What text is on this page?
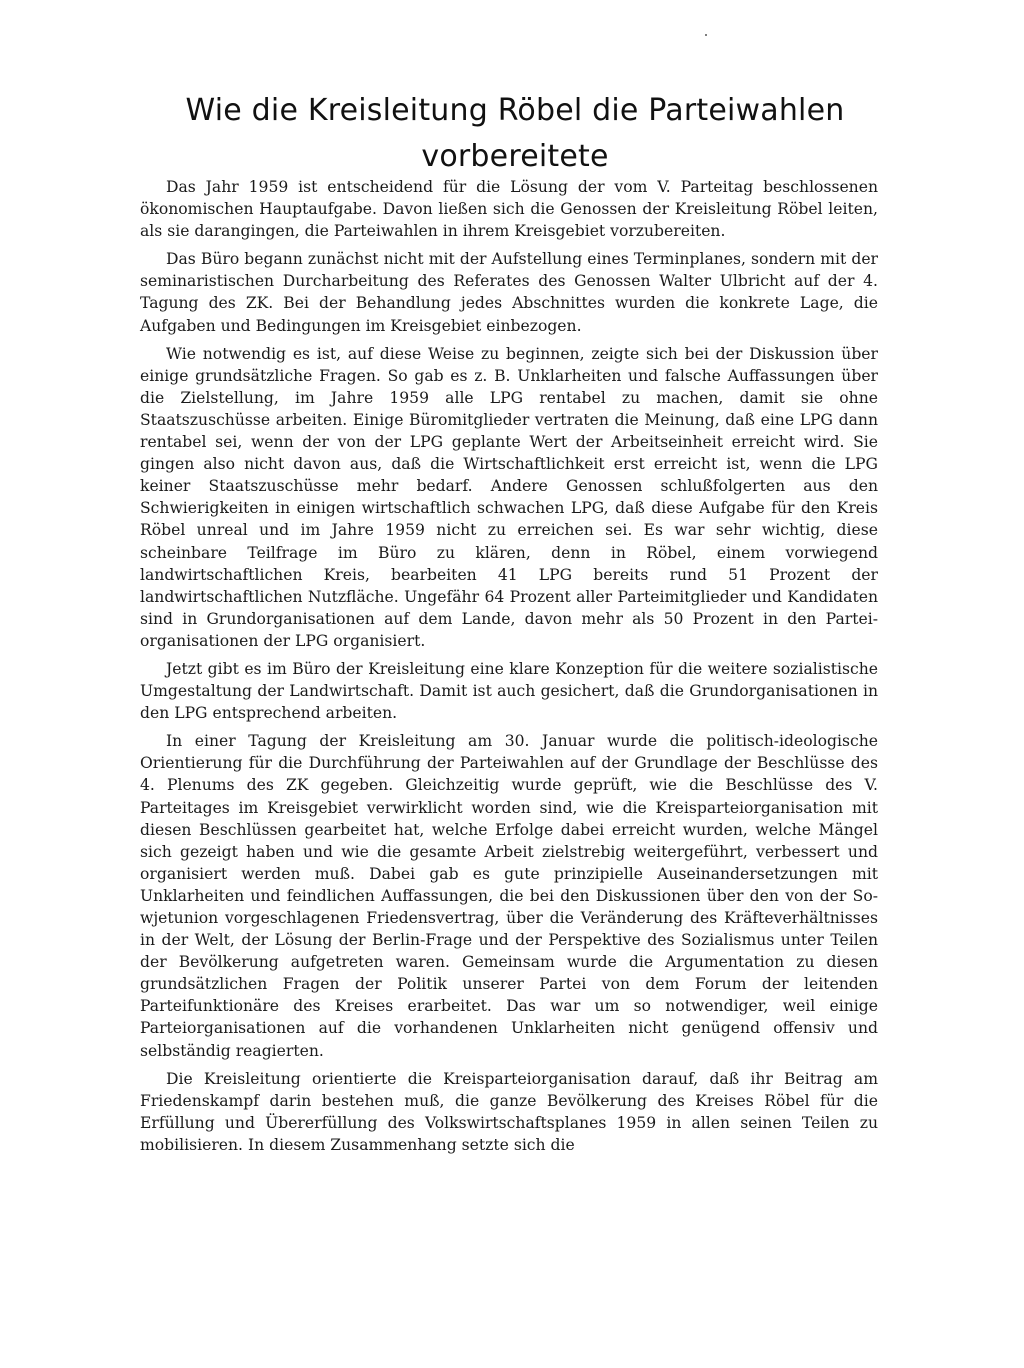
Wie die Kreisleitung Röbel die Parteiwahlen
vorbereitete

Das Jahr 1959 ist entscheidend für die Lösung der vom V. Parteitag beschlossenen ökonomischen Hauptaufgabe. Davon ließen sich die Genossen der Kreisleitung Röbel leiten, als sie darangingen, die Parteiwahlen in ihrem Kreisgebiet vorzubereiten.

Das Büro begann zunächst nicht mit der Aufstellung eines Terminplanes, sondern mit der seminaristischen Durcharbeitung des Referates des Genossen Walter Ulbricht auf der 4. Tagung des ZK. Bei der Behandlung jedes Abschnittes wurden die konkrete Lage, die Aufgaben und Bedingungen im Kreisgebiet einbezogen.

Wie notwendig es ist, auf diese Weise zu beginnen, zeigte sich bei der Diskussion über einige grundsätzliche Fragen. So gab es z. B. Unklarheiten und falsche Auffassungen über die Zielstellung, im Jahre 1959 alle LPG rentabel zu machen, damit sie ohne Staatszuschüsse arbeiten. Einige Büromitglieder vertraten die Meinung, daß eine LPG dann rentabel sei, wenn der von der LPG geplante Wert der Arbeitseinheit erreicht wird. Sie gingen also nicht davon aus, daß die Wirtschaftlichkeit erst erreicht ist, wenn die LPG keiner Staatszuschüsse mehr bedarf. Andere Genossen schlußfolgerten aus den Schwierigkeiten in einigen wirtschaftlich schwachen LPG, daß diese Aufgabe für den Kreis Röbel unreal und im Jahre 1959 nicht zu erreichen sei. Es war sehr wichtig, diese scheinbare Teilfrage im Büro zu klären, denn in Röbel, einem vorwiegend landwirtschaftlichen Kreis, bearbeiten 41 LPG bereits rund 51 Prozent der landwirtschaftlichen Nutzfläche. Ungefähr 64 Prozent aller Parteimitglieder und Kandidaten sind in Grundorganisationen auf dem Lande, davon mehr als 50 Prozent in den Parteiorganisationen der LPG organisiert.

Jetzt gibt es im Büro der Kreisleitung eine klare Konzeption für die weitere sozialistische Umgestaltung der Landwirtschaft. Damit ist auch gesichert, daß die Grundorganisationen in den LPG entsprechend arbeiten.

In einer Tagung der Kreisleitung am 30. Januar wurde die politisch-ideologische Orientierung für die Durchführung der Parteiwahlen auf der Grundlage der Beschlüsse des 4. Plenums des ZK gegeben. Gleichzeitig wurde geprüft, wie die Beschlüsse des V. Parteitages im Kreisgebiet verwirklicht worden sind, wie die Kreisparteiorganisation mit diesen Beschlüssen gearbeitet hat, welche Erfolge dabei erreicht wurden, welche Mängel sich gezeigt haben und wie die gesamte Arbeit zielstrebig weitergeführt, verbessert und organisiert werden muß. Dabei gab es gute prinzipielle Auseinandersetzungen mit Unklarheiten und feindlichen Auffassungen, die bei den Diskussionen über den von der Sowjetunion vorgeschlagenen Friedensvertrag, über die Veränderung des Kräfteverhältnisses in der Welt, der Lösung der Berlin-Frage und der Perspektive des Sozialismus unter Teilen der Bevölkerung aufgetreten waren. Gemeinsam wurde die Argumentation zu diesen grundsätzlichen Fragen der Politik unserer Partei von dem Forum der leitenden Parteifunktionäre des Kreises erarbeitet. Das war um so notwendiger, weil einige Parteiorganisationen auf die vorhandenen Unklarheiten nicht genügend offensiv und selbständig reagierten.

Die Kreisleitung orientierte die Kreisparteiorganisation darauf, daß ihr Beitrag am Friedenskampf darin bestehen muß, die ganze Bevölkerung des Kreises Röbel für die Erfüllung und Übererfüllung des Volkswirtschaftsplanes 1959 in allen seinen Teilen zu mobilisieren. In diesem Zusammenhang setzte sich die
